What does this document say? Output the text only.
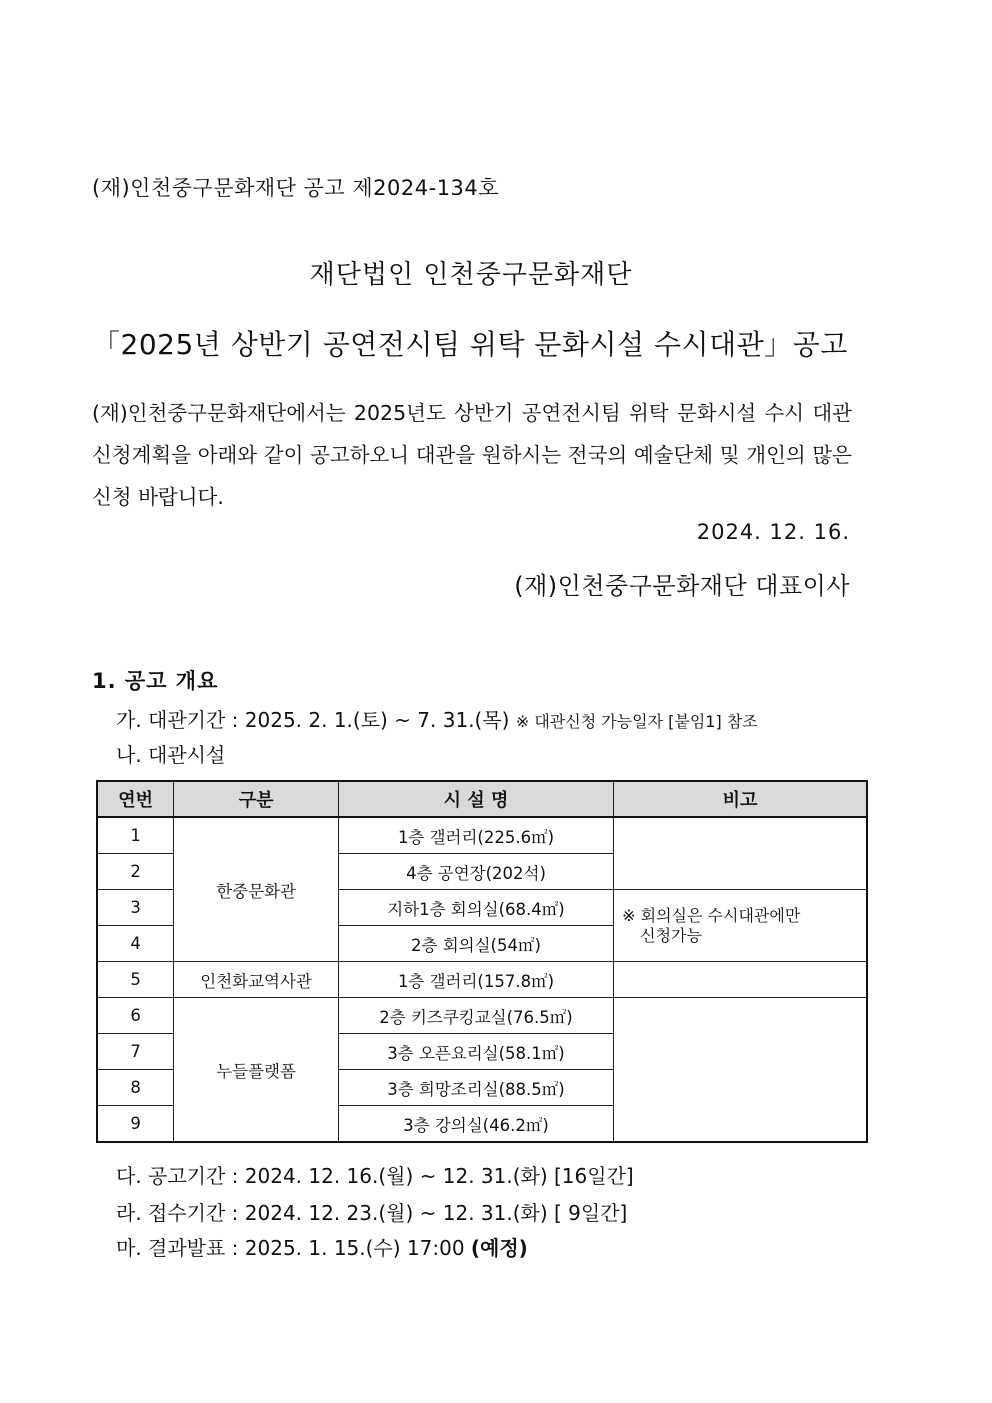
(재)인천중구문화재단 공고 제2024-134호
재단법인 인천중구문화재단
「2025년 상반기 공연전시팀 위탁 문화시설 수시대관」공고
(재)인천중구문화재단에서는 2025년도 상반기 공연전시팀 위탁 문화시설 수시 대관 신청계획을 아래와 같이 공고하오니 대관을 원하시는 전국의 예술단체 및 개인의 많은 신청 바랍니다.
2024. 12. 16.
(재)인천중구문화재단 대표이사
1. 공고 개요
가. 대관기간 : 2025. 2. 1.(토) ~ 7. 31.(목) ※ 대관신청 가능일자 [붙임1] 참조
나. 대관시설
연번	구분	시 설 명	비고
1	한중문화관	1층 갤러리(225.6㎡)	
2		4층 공연장(202석)	
3		지하1층 회의실(68.4㎡)	※ 회의실은 수시대관에만
신청가능

4		2층 회의실(54㎡)	
5	인천화교역사관	1층 갤러리(157.8㎡)	
6	누들플랫폼	2층 키즈쿠킹교실(76.5㎡)	
7		3층 오픈요리실(58.1㎡)	
8		3층 희망조리실(88.5㎡)	
9		3층 강의실(46.2㎡)	
다. 공고기간 : 2024. 12. 16.(월) ~ 12. 31.(화) [16일간]
라. 접수기간 : 2024. 12. 23.(월) ~ 12. 31.(화) [ 9일간]
마. 결과발표 : 2025. 1. 15.(수) 17:00 (예정)
